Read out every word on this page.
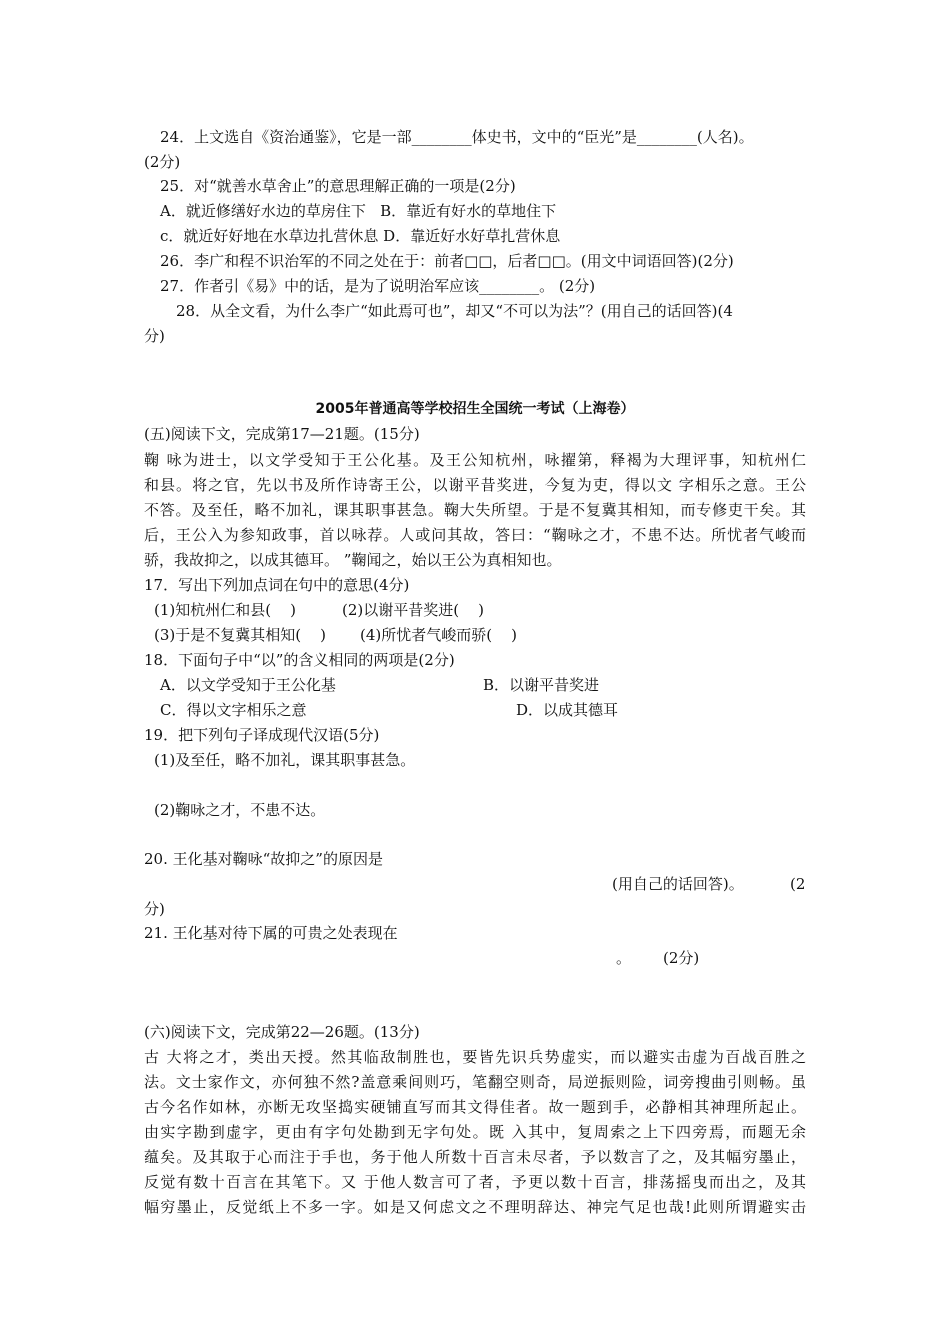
24．上文选自《资治通鉴》，它是一部________体史书，文中的“臣光”是________(人名)。
(2分)
25．对“就善水草舍止”的意思理解正确的一项是(2分)
A．就近修缮好水边的草房住下   B．靠近有好水的草地住下
c．就近好好地在水草边扎营休息 D．靠近好水好草扎营休息
26．李广和程不识治军的不同之处在于：前者□□，后者□□。(用文中词语回答)(2分)
27．作者引《易》中的话，是为了说明治军应该________。 (2分)
28．从全文看，为什么李广“如此焉可也”，却又“不可以为法”？(用自己的话回答)(4
分)
2005年普通高等学校招生全国统一考试（上海卷）
(五)阅读下文，完成第17—21题。(15分)
鞠 咏为进士，以文学受知于王公化基。及王公知杭州，咏擢第，释褐为大理评事，知杭州仁
和县。将之官，先以书及所作诗寄王公，以谢平昔奖进，今复为吏，得以文 字相乐之意。王公
不答。及至任，略不加礼，课其职事甚急。鞠大失所望。于是不复冀其相知，而专修吏干矣。其
后，王公入为参知政事，首以咏荐。人或问其故，答曰：“鞠咏之才，不患不达。所忧者气峻而
骄，我故抑之，以成其德耳。 ”鞠闻之，始以王公为真相知也。
17．写出下列加点词在句中的意思(4分)
(1)知杭州仁和县(    )	(2)以谢平昔奖进(    )
(3)于是不复冀其相知(    ) (4)所忧者气峻而骄(    )
18．下面句子中“以”的含义相同的两项是(2分)
A．以文学受知于王公化基	B．以谢平昔奖进
C．得以文字相乐之意	D．以成其德耳
19．把下列句子译成现代汉语(5分)
(1)及至任，略不加礼，课其职事甚急。
(2)鞠咏之才，不患不达。
20. 王化基对鞠咏“故抑之”的原因是
(用自己的话回答)。	(2
分)
21. 王化基对待下属的可贵之处表现在
。 (2分)
(六)阅读下文，完成第22—26题。(13分)
古 大将之才，类出天授。然其临敌制胜也，要皆先识兵势虚实，而以避实击虚为百战百胜之
法。文士家作文，亦何独不然?盖意乘间则巧，笔翻空则奇，局逆振则险，词旁搜曲引则畅。虽
古今名作如林，亦断无攻坚捣实硬铺直写而其文得佳者。故一题到手，必静相其神理所起止。
由实字勘到虚字，更由有字句处勘到无字句处。既 入其中，复周索之上下四旁焉，而题无余
蕴矣。及其取于心而注于手也，务于他人所数十百言未尽者，予以数言了之，及其幅穷墨止，
反觉有数十百言在其笔下。又 于他人数言可了者，予更以数十百言，排荡摇曳而出之，及其
幅穷墨止，反觉纸上不多一字。如是又何虑文之不理明辞达、神完气足也哉!此则所谓避实击
